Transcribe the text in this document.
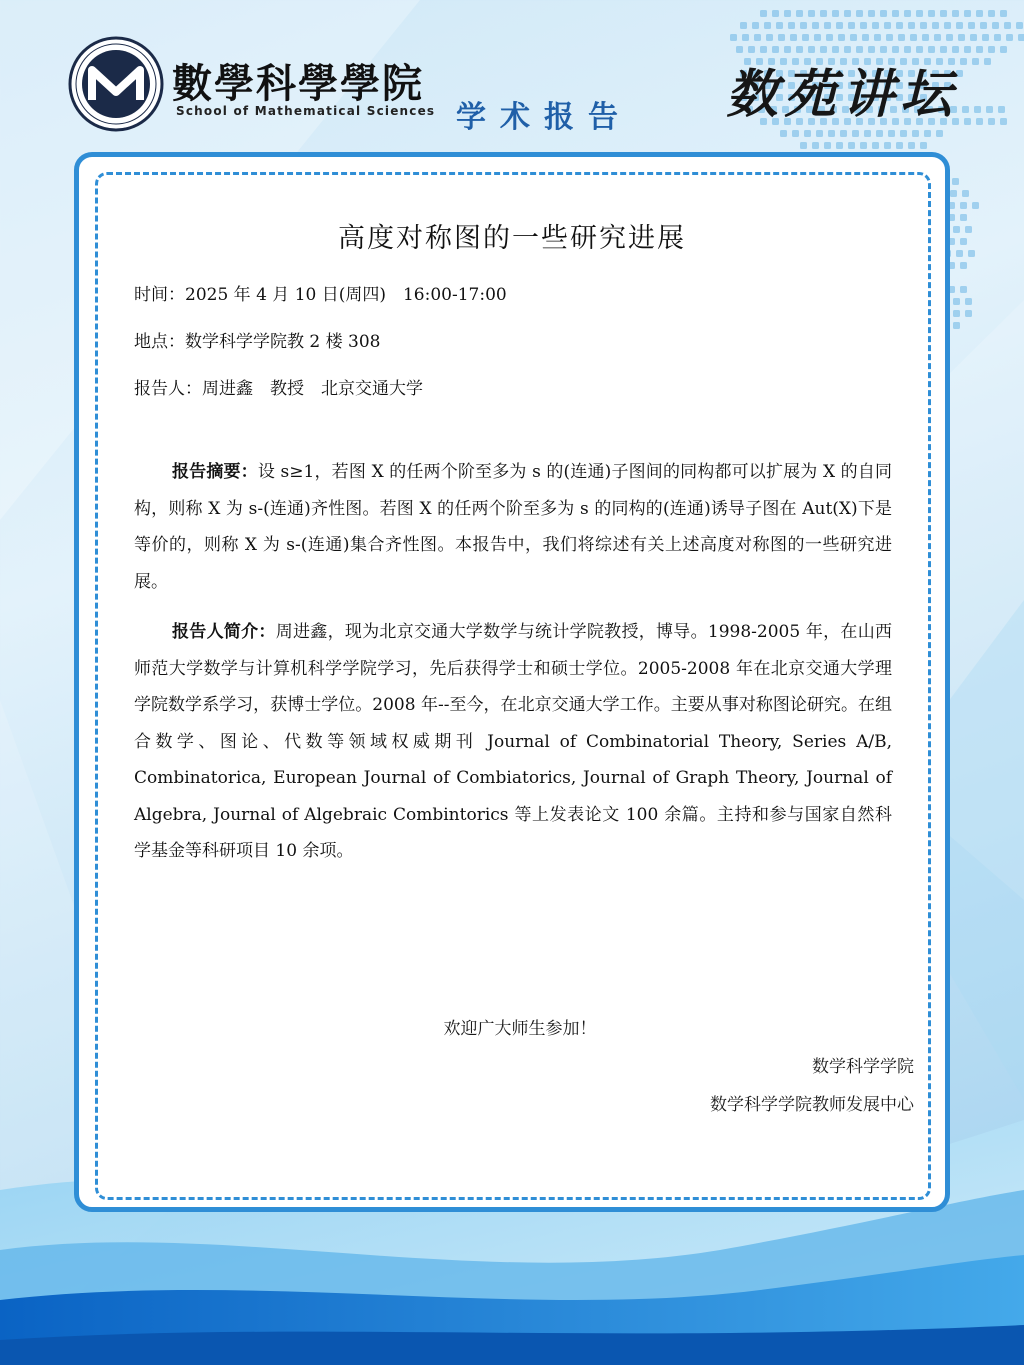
數學科學學院
School of Mathematical Sciences 学术报告 数苑讲坛
高度对称图的一些研究进展
时间：2025 年 4 月 10 日(周四)　16:00-17:00
地点：数学科学学院教 2 楼 308
报告人：周进鑫　教授　北京交通大学

报告摘要：设 s≥1，若图 X 的任两个阶至多为 s 的(连通)子图间的同构都可以扩展为 X 的自同构，则称 X 为 s-(连通)齐性图。若图 X 的任两个阶至多为 s 的同构的(连通)诱导子图在 Aut(X)下是等价的，则称 X 为 s-(连通)集合齐性图。本报告中，我们将综述有关上述高度对称图的一些研究进展。

报告人简介：周进鑫，现为北京交通大学数学与统计学院教授，博导。1998-2005 年，在山西师范大学数学与计算机科学学院学习，先后获得学士和硕士学位。2005-2008 年在北京交通大学理学院数学系学习，获博士学位。2008 年--至今，在北京交通大学工作。主要从事对称图论研究。在组合数学、图论、代数等领域权威期刊 Journal of Combinatorial Theory, Series A/B, Combinatorica, European Journal of Combiatorics, Journal of Graph Theory, Journal of Algebra, Journal of Algebraic Combintorics 等上发表论文 100 余篇。主持和参与国家自然科学基金等科研项目 10 余项。

欢迎广大师生参加！
数学科学学院
数学科学学院教师发展中心
